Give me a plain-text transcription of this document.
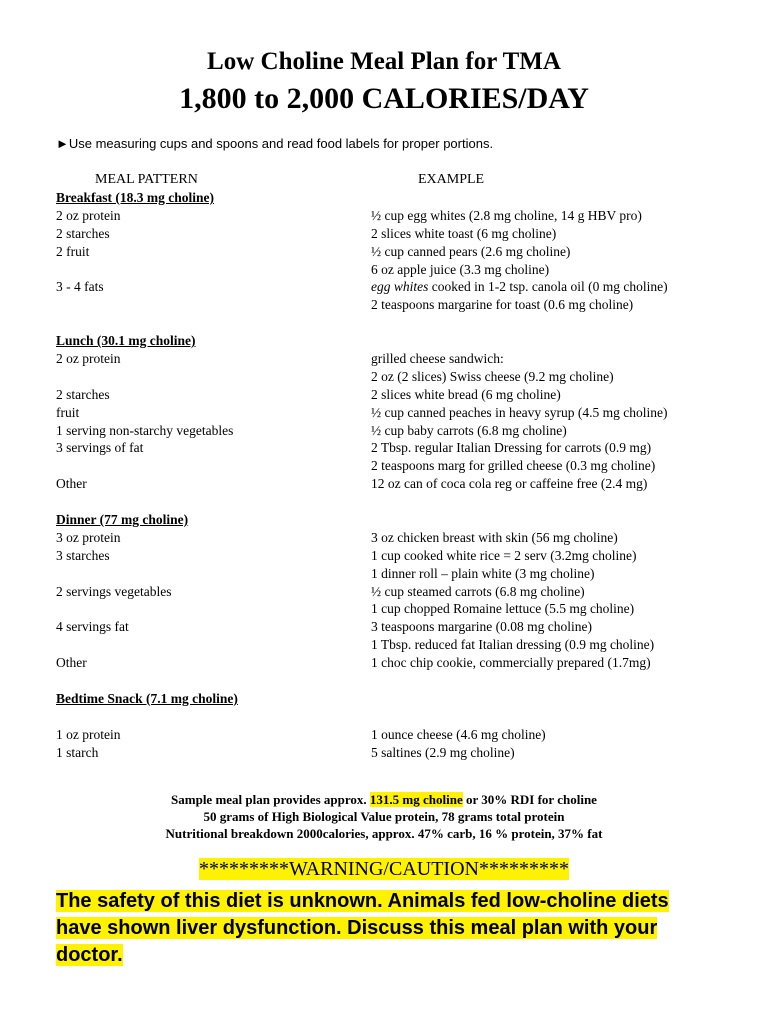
Low Choline Meal Plan for TMA
1,800 to 2,000 CALORIES/DAY
►Use measuring cups and spoons and read food labels for proper portions.
MEAL PATTERN	EXAMPLE
Breakfast (18.3 mg choline)
2 oz protein	½ cup egg whites (2.8 mg choline, 14 g HBV pro)
2 starches	2 slices white toast (6 mg choline)
2 fruit	½ cup canned pears (2.6 mg choline)
6 oz apple juice (3.3 mg choline)
3 - 4 fats	egg whites cooked in 1-2 tsp. canola oil (0 mg choline)
2 teaspoons margarine for toast (0.6 mg choline)
Lunch (30.1 mg choline)
2 oz protein	grilled cheese sandwich:
2 oz (2 slices) Swiss cheese (9.2 mg choline)
2 starches	2 slices white bread (6 mg choline)
fruit	½ cup canned peaches in heavy syrup (4.5 mg choline)
1 serving non-starchy vegetables	½ cup baby carrots (6.8 mg choline)
3 servings of fat	2 Tbsp. regular Italian Dressing for carrots (0.9 mg)
2 teaspoons marg for grilled cheese (0.3 mg choline)
Other	12 oz can of coca cola reg or caffeine free (2.4 mg)
Dinner (77 mg choline)
3 oz protein	3 oz chicken breast with skin (56 mg choline)
3 starches	1 cup cooked white rice = 2 serv (3.2mg choline)
1 dinner roll – plain white (3 mg choline)
2 servings vegetables	½ cup steamed carrots (6.8 mg choline)
1 cup chopped Romaine lettuce (5.5 mg choline)
4 servings fat	3 teaspoons margarine (0.08 mg choline)
1 Tbsp. reduced fat Italian dressing (0.9 mg choline)
Other	1 choc chip cookie, commercially prepared (1.7mg)
Bedtime Snack (7.1 mg choline)
1 oz protein	1 ounce cheese (4.6 mg choline)
1 starch	5 saltines (2.9 mg choline)
Sample meal plan provides approx. 131.5 mg choline or 30% RDI for choline
50 grams of High Biological Value protein, 78 grams total protein
Nutritional breakdown 2000calories, approx. 47% carb, 16 % protein, 37% fat
*********WARNING/CAUTION*********
The safety of this diet is unknown. Animals fed low-choline diets have shown liver dysfunction. Discuss this meal plan with your doctor.
